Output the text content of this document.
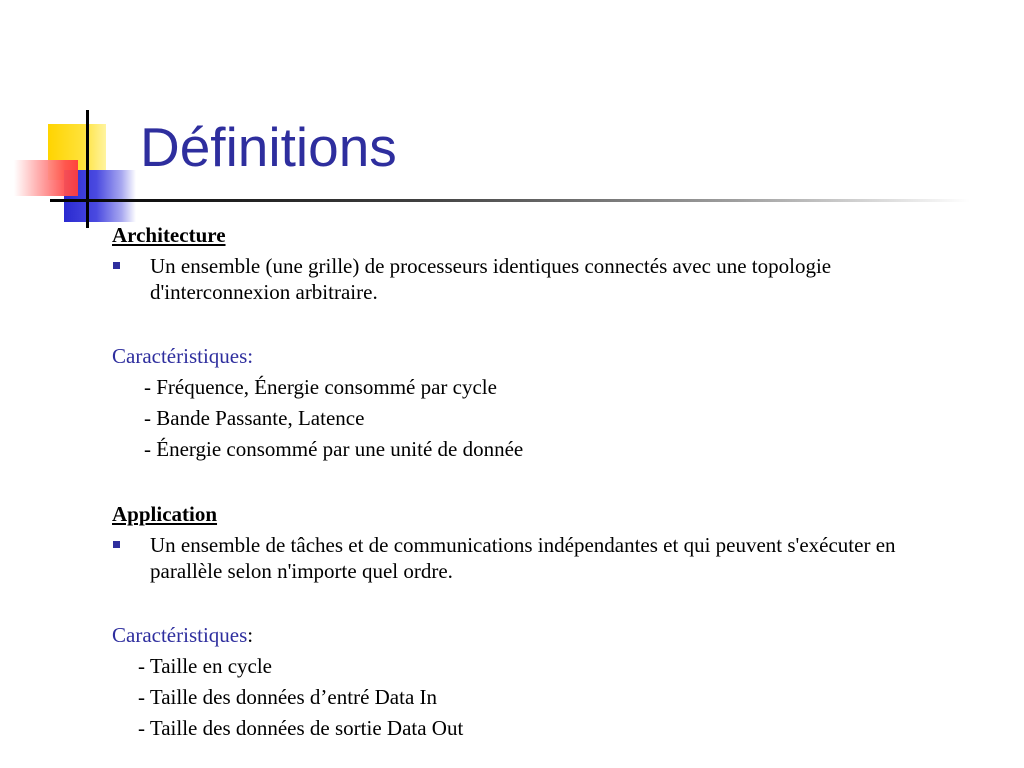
Définitions

Architecture

Un ensemble (une grille) de processeurs identiques connectés avec une topologie d'interconnexion arbitraire.

Caractéristiques:

- Fréquence, Énergie consommé par cycle

- Bande Passante, Latence

- Énergie consommé par une unité de donnée

Application

Un ensemble de tâches et de communications indépendantes et qui peuvent s'exécuter en parallèle selon n'importe quel ordre.

Caractéristiques:

- Taille en cycle

- Taille des données d’entré Data In

- Taille des données de sortie Data Out
